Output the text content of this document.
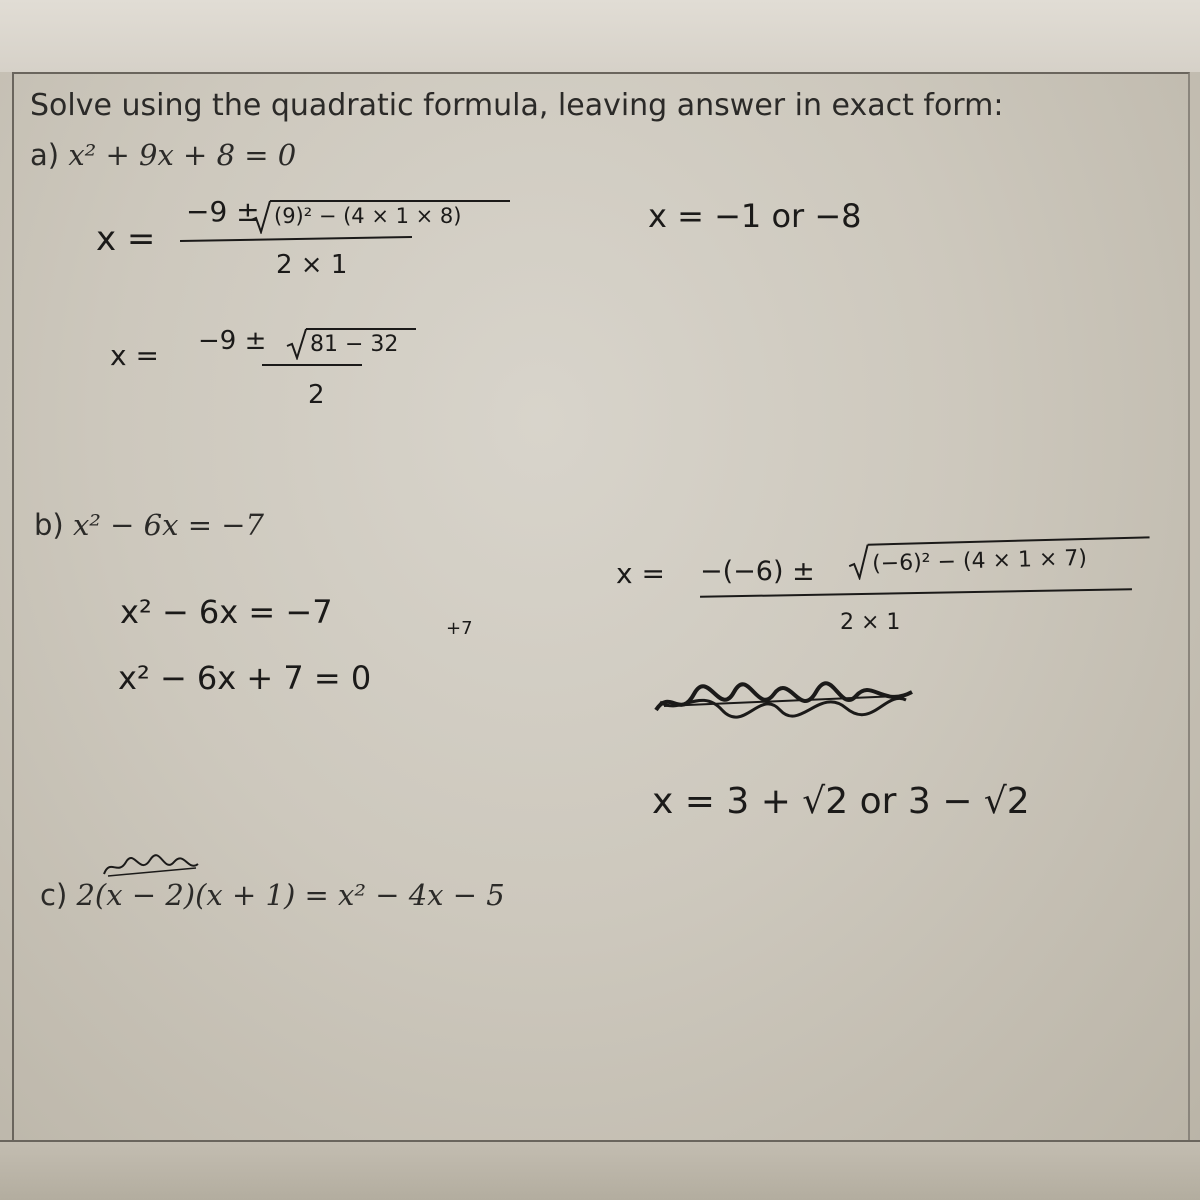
Solve using the quadratic formula, leaving answer in exact form:
a) x² + 9x + 8 = 0
b) x² − 6x = −7
c) 2(x − 2)(x + 1) = x² − 4x − 5
x =
−9 ± (9)² − (4 × 1 × 8)
2 × 1
x = −1 or −8
x = −9 ± 81 − 32
2
x² − 6x = −7	+7
x² − 6x + 7 = 0
x = −(−6) ±	(−6)² − (4 × 1 × 7)
2 × 1
x = 3 + √2 or 3 − √2
